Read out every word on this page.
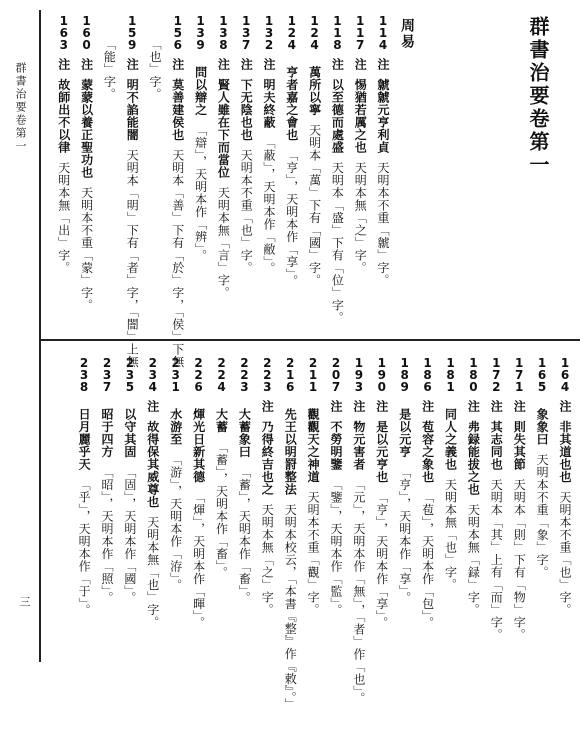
群書治要卷第一
三
群書治要卷第一
周易
114注虩虩元亨利貞天明本不重「虩」字。
117注惕猶若厲之也天明本無「之」字。
118注以至德而處盛天明本「盛」下有「位」字。
124萬所以寧天明本「萬」下有「國」字。
124亨者嘉之會也「亨」，天明本作「享」。
132注明夫終蔽「蔽」，天明本作「敝」。
137注下无陰也也天明本不重「也」字。
138注賢人雖在下而當位天明本無「言」字。
139問以辯之「辯」，天明本作「辨」。
156注莫善建侯也天明本「善」下有「於」字，「侯」下無
「也」字。
159注明不諂能闇天明本「明」下有「者」字，「闇」上無
「能」字。
160注蒙蒙以養正聖功也天明本不重「蒙」字。
163注故師出不以律天明本無「出」字。
164注非其道也也天明本不重「也」字。
165象象曰天明本不重「象」字。
171注則失其節天明本「則」下有「物」字。
172注其志同也天明本「其」上有「而」字。
180注弗録能拔之也天明本無「録」字。
181同人之義也天明本無「也」字。
186注苞容之象也「苞」，天明本作「包」。
189是以元亨「亨」，天明本作「享」。
190注是以元亨也「亨」，天明本作「享」。
193注物元害者「元」，天明本作「無」，「者」作「也」。
207注不勞明鑒「鑒」，天明本作「監」。
211觀觀天之神道天明本不重「觀」字。
216先王以明罸整法天明本校云，「本書『整』作『敕』。」
223注乃得終吉也之天明本無「之」字。
223大蓄象曰「蓄」，天明本作「畜」。
224大蓄「蓄」，天明本作「畜」。
226煇光日新其德「煇」，天明本作「暉」。
231水游至「游」，天明本作「洊」。
234注故得保其威尊也天明本無「也」字。
235以守其固「固」，天明本作「國」。
237昭于四方「昭」，天明本作「照」。
238日月麗乎天「乎」，天明本作「于」。
